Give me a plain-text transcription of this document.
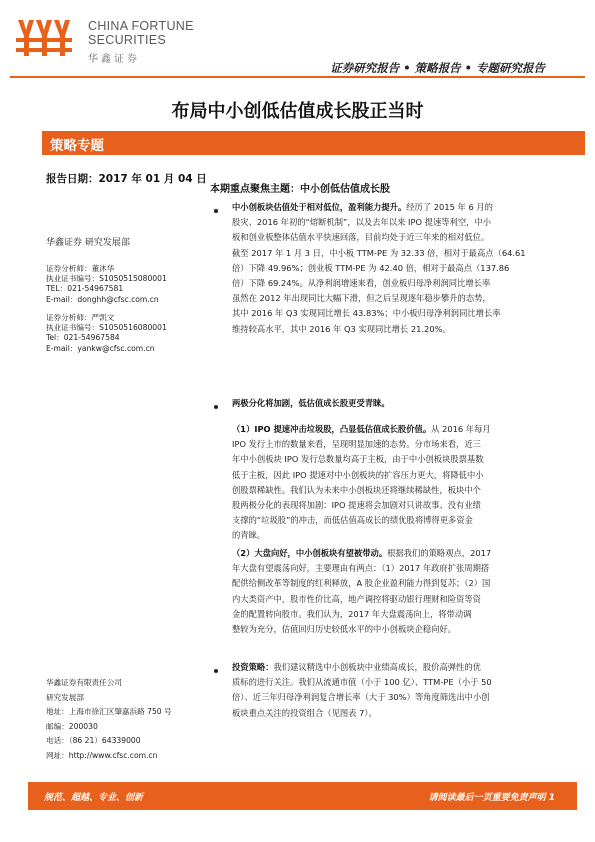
CHINA FORTUNE
SECURITIES
华鑫证券
证券研究报告 • 策略报告 • 专题研究报告
布局中小创低估值成长股正当时
策略专题
报告日期：2017 年 01 月 04 日
本期重点聚焦主题：中小创低估值成长股
华鑫证券 研究发展部
证券分析师：董沐华
执业证书编号：S1050515080001
TEL：021-54967581
E-mail：donghh@cfsc.com.cn
证券分析师：严凯文
执业证书编号：S1050516080001
Tel：021-54967584
E-mail：yankw@cfsc.com.cn
华鑫证券有限责任公司
研究发展部
地址：上海市徐汇区肇嘉浜路 750 号
邮编：200030
电话：（86 21）64339000
网址：http://www.cfsc.com.cn
中小创板块估值处于相对低位，盈利能力提升。经历了 2015 年 6 月的
股灾、2016 年初的“熔断机制”，以及去年以来 IPO 提速等利空，中小
板和创业板整体估值水平快速回落，目前均处于近三年来的相对低位。
截至 2017 年 1 月 3 日，中小板 TTM-PE 为 32.33 倍，相对于最高点（64.61
倍）下降 49.96%；创业板 TTM-PE 为 42.40 倍，相对于最高点（137.86
倍）下降 69.24%。从净利润增速来看，创业板归母净利润同比增长率
虽然在 2012 年出现同比大幅下滑，但之后呈现逐年稳步攀升的态势，
其中 2016 年 Q3 实现同比增长 43.83%；中小板归母净利润同比增长率
维持较高水平，其中 2016 年 Q3 实现同比增长 21.20%。
两极分化将加剧，低估值成长股更受青睐。
（1）IPO 提速冲击垃圾股，凸显低估值成长股价值。从 2016 年每月
IPO 发行上市的数量来看，呈现明显加速的态势。分市场来看，近三
年中小创板块 IPO 发行总数量均高于主板，由于中小创板块股票基数
低于主板，因此 IPO 提速对中小创板块的扩容压力更大，将降低中小
创股票稀缺性。我们认为未来中小创板块还将继续稀缺性，板块中个
股两极分化的表现将加剧：IPO 提速将会加剧对只讲故事、没有业绩
支撑的“垃圾股”的冲击，而低估值高成长的绩优股将博得更多资金
的青睐。
（2）大盘向好，中小创板块有望被带动。根据我们的策略观点，2017
年大盘有望震荡向好，主要理由有两点：（1）2017 年政府扩张周期搭
配供给侧改革等制度的红利释放，A 股企业盈利能力得到复苏；（2）国
内大类资产中，股市性价比高，地产调控将驱动银行理财和险资等资
金的配置转向股市。我们认为，2017 年大盘震荡向上，将带动调
整较为充分，估值回归历史较低水平的中小创板块企稳向好。
投资策略：我们建议精选中小创板块中业绩高成长，股价高弹性的优
质标的进行关注。我们从流通市值（小于 100 亿）、TTM-PE（小于 50
倍）、近三年归母净利润复合增长率（大于 30%）等角度筛选出中小创
板块重点关注的投资组合（见图表 7）。
规范、超越、专业、创新	请阅读最后一页重要免责声明 1
